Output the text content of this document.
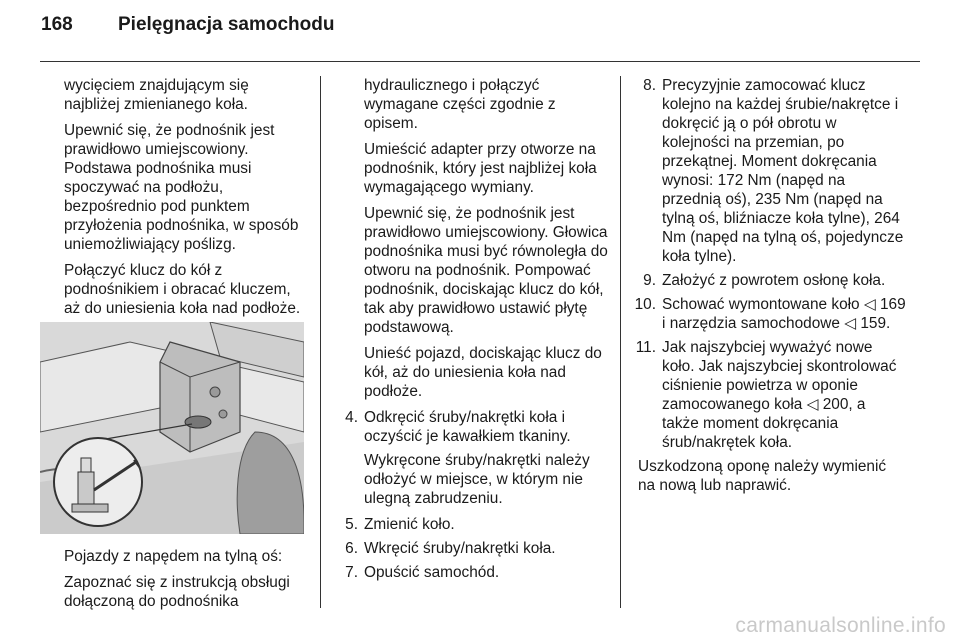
168 Pielęgnacja samochodu

wycięciem znajdującym się najbliżej zmienianego koła.

Upewnić się, że podnośnik jest prawidłowo umiejscowiony. Podstawa podnośnika musi spoczywać na podłożu, bezpośrednio pod punktem przyłożenia podnośnika, w sposób uniemożliwiający poślizg.

Połączyć klucz do kół z podnośnikiem i obracać kluczem, aż do uniesienia koła nad podłoże.

Pojazdy z napędem na tylną oś:

Zapoznać się z instrukcją obsługi dołączoną do podnośnika

hydraulicznego i połączyć wymagane części zgodnie z opisem.

Umieścić adapter przy otworze na podnośnik, który jest najbliżej koła wymagającego wymiany.

Upewnić się, że podnośnik jest prawidłowo umiejscowiony. Głowica podnośnika musi być równoległa do otworu na podnośnik. Pompować podnośnik, dociskając klucz do kół, tak aby prawidłowo ustawić płytę podstawową.

Unieść pojazd, dociskając klucz do kół, aż do uniesienia koła nad podłoże.

4. Odkręcić śruby/nakrętki koła i oczyścić je kawałkiem tkaniny.

Wykręcone śruby/nakrętki należy odłożyć w miejsce, w którym nie ulegną zabrudzeniu.

5. Zmienić koło.
6. Wkręcić śruby/nakrętki koła.
7. Opuścić samochód.
8. Precyzyjnie zamocować klucz kolejno na każdej śrubie/nakrętce i dokręcić ją o pół obrotu w kolejności na przemian, po przekątnej. Moment dokręcania wynosi: 172 Nm (napęd na przednią oś), 235 Nm (napęd na tylną oś, bliźniacze koła tylne), 264 Nm (napęd na tylną oś, pojedyncze koła tylne).
9. Założyć z powrotem osłonę koła.
10. Schować wymontowane koło ◁ 169 i narzędzia samochodowe ◁ 159.
11. Jak najszybciej wyważyć nowe koło. Jak najszybciej skontrolować ciśnienie powietrza w oponie zamocowanego koła ◁ 200, a także moment dokręcania śrub/nakrętek koła.

Uszkodzoną oponę należy wymienić na nową lub naprawić.

carmanualsonline.info
